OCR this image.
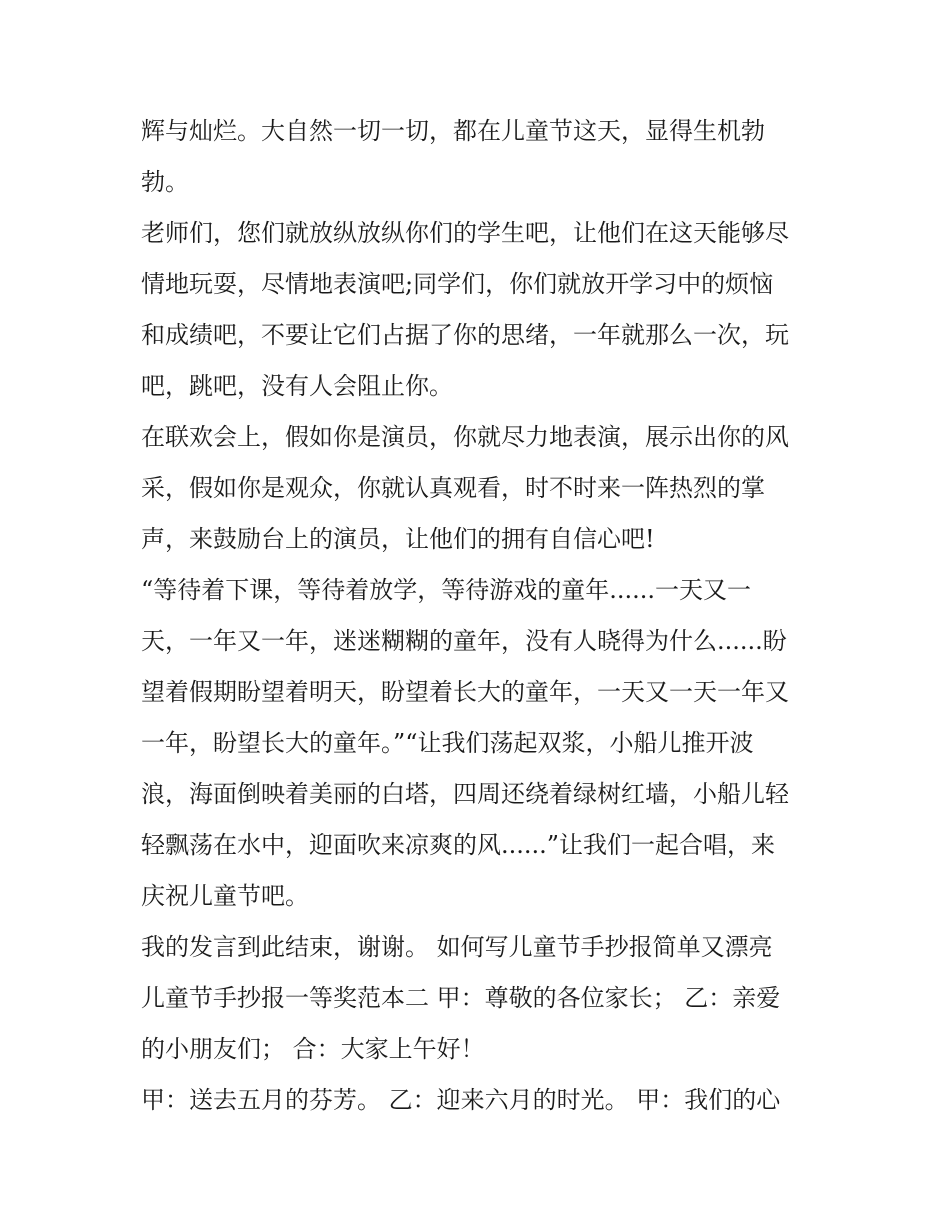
辉与灿烂。大自然一切一切，都在儿童节这天，显得生机勃
勃。

老师们，您们就放纵放纵你们的学生吧，让他们在这天能够尽
情地玩耍，尽情地表演吧;同学们，你们就放开学习中的烦恼
和成绩吧，不要让它们占据了你的思绪，一年就那么一次，玩
吧，跳吧，没有人会阻止你。

在联欢会上，假如你是演员，你就尽力地表演，展示出你的风
采，假如你是观众，你就认真观看，时不时来一阵热烈的掌
声，来鼓励台上的演员，让他们的拥有自信心吧!

“等待着下课，等待着放学，等待游戏的童年......一天又一
天，一年又一年，迷迷糊糊的童年，没有人晓得为什么......盼
望着假期盼望着明天，盼望着长大的童年，一天又一天一年又
一年，盼望长大的童年。”“让我们荡起双浆，小船儿推开波
浪，海面倒映着美丽的白塔，四周还绕着绿树红墙，小船儿轻
轻飘荡在水中，迎面吹来凉爽的风......”让我们一起合唱，来
庆祝儿童节吧。

我的发言到此结束，谢谢。 如何写儿童节手抄报简单又漂亮
儿童节手抄报一等奖范本二 甲：尊敬的各位家长； 乙：亲爱
的小朋友们； 合：大家上午好！

甲：送去五月的芬芳。 乙：迎来六月的时光。 甲：我们的心
